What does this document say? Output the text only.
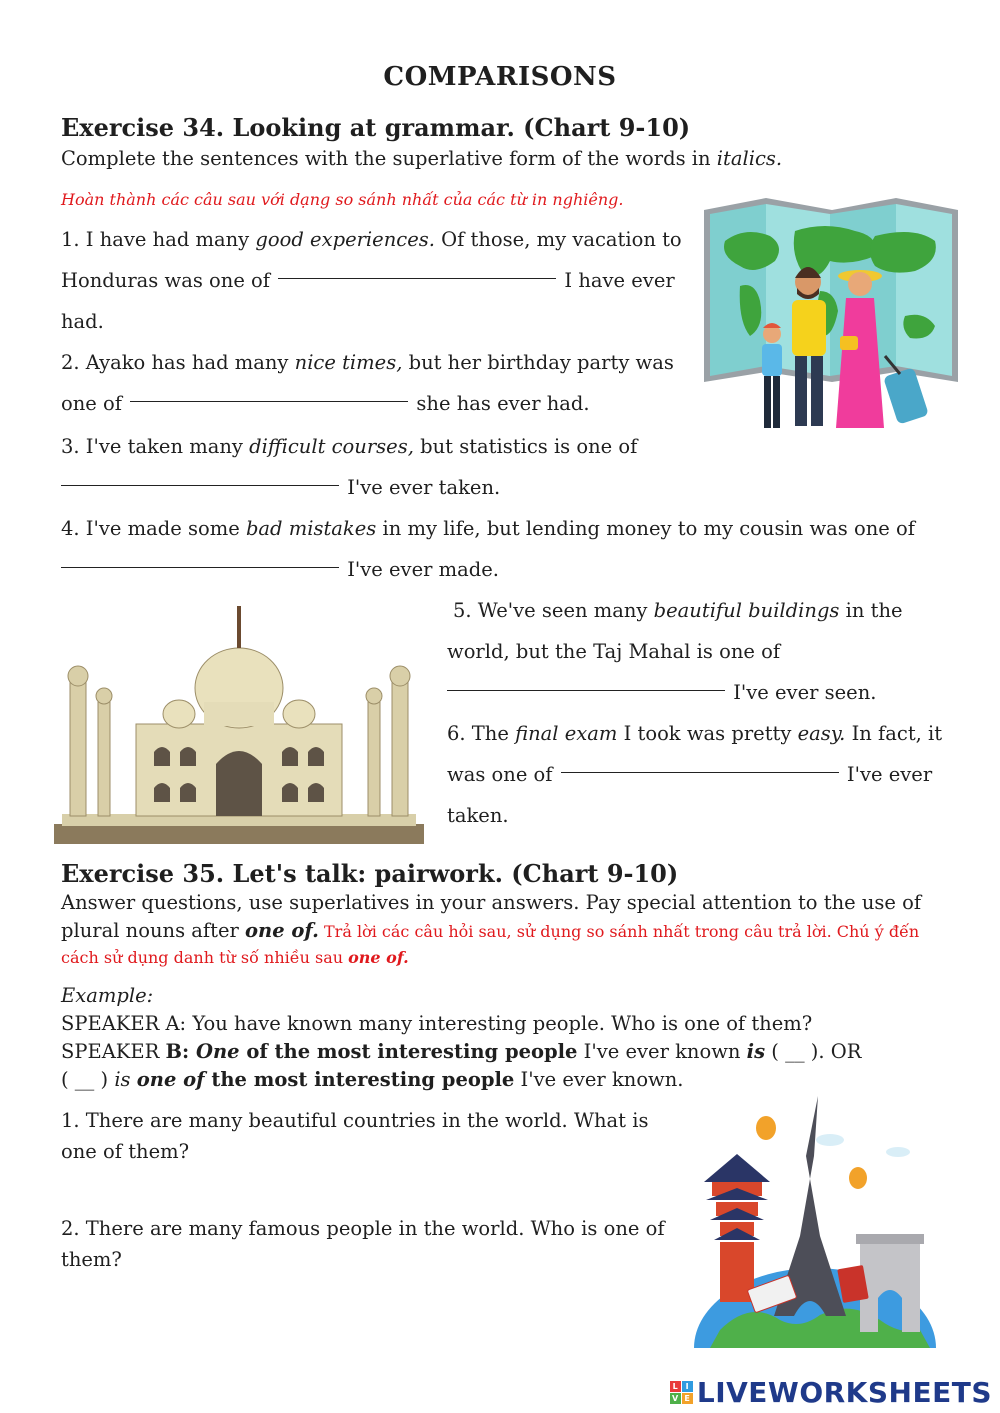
COMPARISONS
Exercise 34. Looking at grammar. (Chart 9-10)
Complete the sentences with the superlative form of the words in italics.
Hoàn thành các câu sau với dạng so sánh nhất của các từ in nghiêng.
1. I have had many good experiences. Of those, my vacation to
Honduras was one of	I have ever
had.
2. Ayako has had many nice times, but her birthday party was
one of	she has ever had.
3. I've taken many difficult courses, but statistics is one of
I've ever taken.
4. I've made some bad mistakes in my life, but lending money to my cousin was one of
I've ever made.
5. We've seen many beautiful buildings in the
world, but the Taj Mahal is one of
I've ever seen.
6. The final exam I took was pretty easy. In fact, it
was one of	I've ever
taken.
Exercise 35. Let's talk: pairwork. (Chart 9-10)
Answer questions, use superlatives in your answers. Pay special attention to the use of
plural nouns after one of. Trả lời các câu hỏi sau, sử dụng so sánh nhất trong câu trả lời. Chú ý đến
cách sử dụng danh từ số nhiều sau one of.
Example:
SPEAKER A: You have known many interesting people. Who is one of them?
SPEAKER B: One of the most interesting people I've ever known is ( __ ). OR
( __ ) is one of the most interesting people I've ever known.
1. There are many beautiful countries in the world. What is
one of them?
2. There are many famous people in the world. Who is one of
them?
L I
V E LIVEWORKSHEETS
